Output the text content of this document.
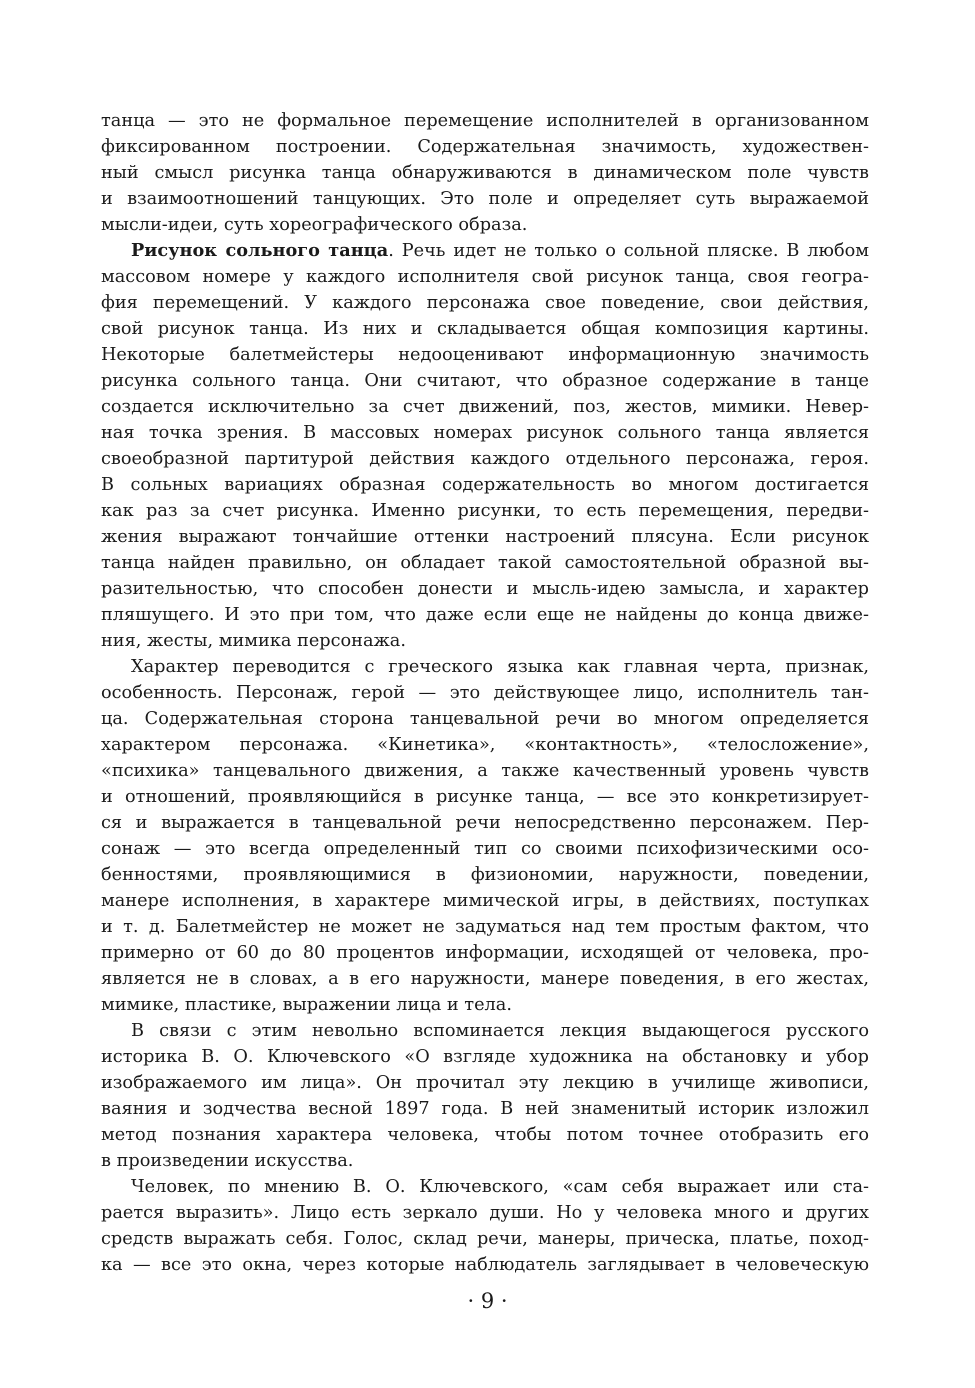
танца — это не формальное перемещение исполнителей в организованном
фиксированном построении. Содержательная значимость, художествен-
ный смысл рисунка танца обнаруживаются в динамическом поле чувств
и взаимоотношений танцующих. Это поле и определяет суть выражаемой
мысли-идеи, суть хореографического образа.
Рисунок сольного танца. Речь идет не только о сольной пляске. В любом
массовом номере у каждого исполнителя свой рисунок танца, своя геогра-
фия перемещений. У каждого персонажа свое поведение, свои действия,
свой рисунок танца. Из них и складывается общая композиция картины.
Некоторые балетмейстеры недооценивают информационную значимость
рисунка сольного танца. Они считают, что образное содержание в танце
создается исключительно за счет движений, поз, жестов, мимики. Невер-
ная точка зрения. В массовых номерах рисунок сольного танца является
своеобразной партитурой действия каждого отдельного персонажа, героя.
В сольных вариациях образная содержательность во многом достигается
как раз за счет рисунка. Именно рисунки, то есть перемещения, передви-
жения выражают тончайшие оттенки настроений плясуна. Если рисунок
танца найден правильно, он обладает такой самостоятельной образной вы-
разительностью, что способен донести и мысль-идею замысла, и характер
пляшущего. И это при том, что даже если еще не найдены до конца движе-
ния, жесты, мимика персонажа.
Характер переводится с греческого языка как главная черта, признак,
особенность. Персонаж, герой — это действующее лицо, исполнитель тан-
ца. Содержательная сторона танцевальной речи во многом определяется
характером персонажа. «Кинетика», «контактность», «телосложение»,
«психика» танцевального движения, а также качественный уровень чувств
и отношений, проявляющийся в рисунке танца, — все это конкретизирует-
ся и выражается в танцевальной речи непосредственно персонажем. Пер-
сонаж — это всегда определенный тип со своими психофизическими осо-
бенностями, проявляющимися в физиономии, наружности, поведении,
манере исполнения, в характере мимической игры, в действиях, поступках
и т. д. Балетмейстер не может не задуматься над тем простым фактом, что
примерно от 60 до 80 процентов информации, исходящей от человека, про-
является не в словах, а в его наружности, манере поведения, в его жестах,
мимике, пластике, выражении лица и тела.
В связи с этим невольно вспоминается лекция выдающегося русского
историка В. О. Ключевского «О взгляде художника на обстановку и убор
изображаемого им лица». Он прочитал эту лекцию в училище живописи,
ваяния и зодчества весной 1897 года. В ней знаменитый историк изложил
метод познания характера человека, чтобы потом точнее отобразить его
в произведении искусства.
Человек, по мнению В. О. Ключевского, «сам себя выражает или ста-
рается выразить». Лицо есть зеркало души. Но у человека много и других
средств выражать себя. Голос, склад речи, манеры, прическа, платье, поход-
ка — все это окна, через которые наблюдатель заглядывает в человеческую
· 9 ·
